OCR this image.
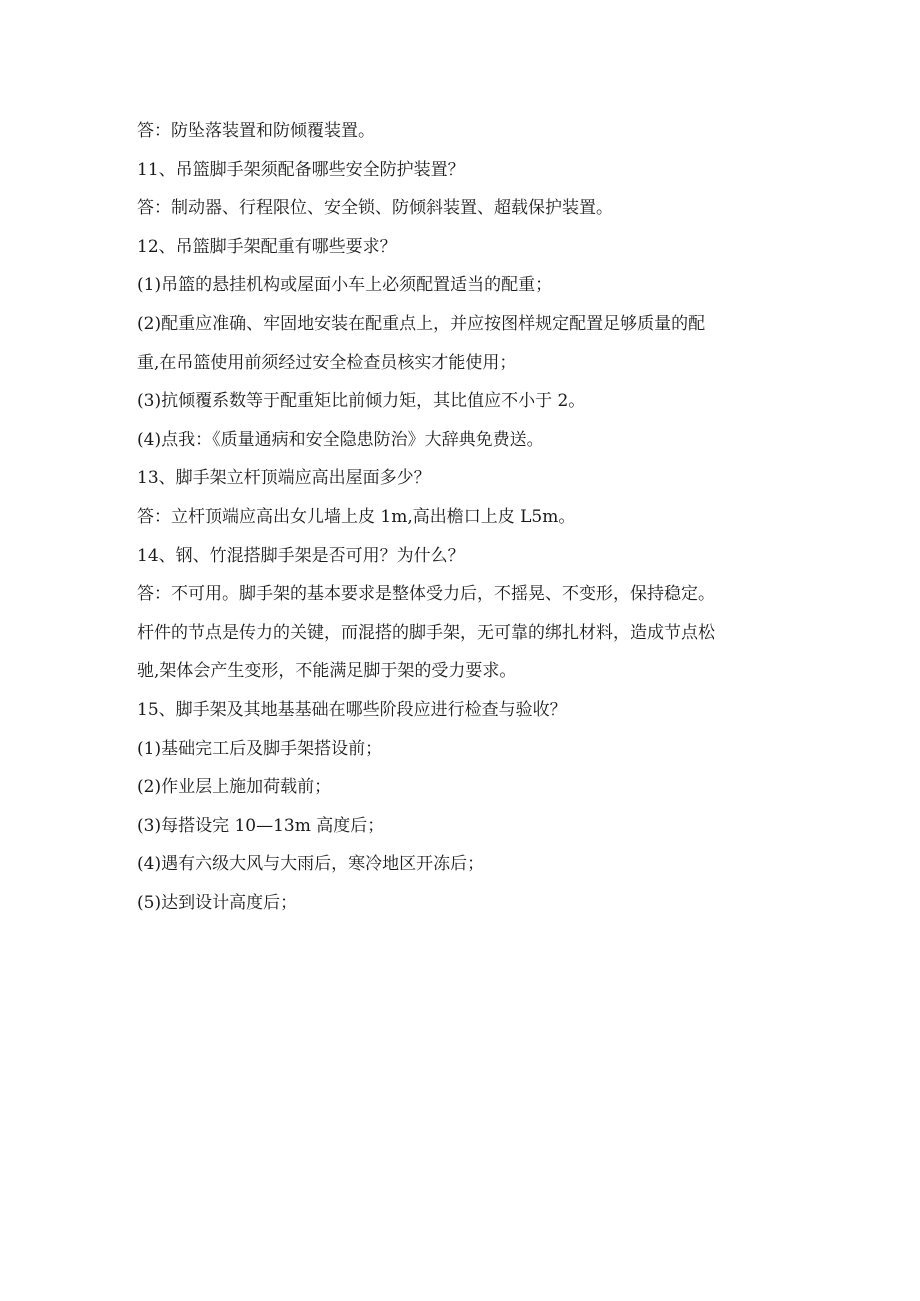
答：防坠落装置和防倾覆装置。
11、吊篮脚手架须配备哪些安全防护装置？
答：制动器、行程限位、安全锁、防倾斜装置、超载保护装置。
12、吊篮脚手架配重有哪些要求？
(1)吊篮的悬挂机构或屋面小车上必须配置适当的配重；
(2)配重应准确、牢固地安装在配重点上，并应按图样规定配置足够质量的配
重,在吊篮使用前须经过安全检查员核实才能使用；
(3)抗倾覆系数等于配重矩比前倾力矩，其比值应不小于 2。
(4)点我：《质量通病和安全隐患防治》大辞典免费送。
13、脚手架立杆顶端应高出屋面多少？
答：立杆顶端应高出女儿墙上皮 1m,高出檐口上皮 L5m。
14、钢、竹混搭脚手架是否可用？为什么？
答：不可用。脚手架的基本要求是整体受力后，不摇晃、不变形，保持稳定。
杆件的节点是传力的关键，而混搭的脚手架，无可靠的绑扎材料，造成节点松
驰,架体会产生变形，不能满足脚于架的受力要求。
15、脚手架及其地基基础在哪些阶段应进行检查与验收？
(1)基础完工后及脚手架搭设前；
(2)作业层上施加荷载前；
(3)每搭设完 10—13m 高度后；
(4)遇有六级大风与大雨后，寒冷地区开冻后；
(5)达到设计高度后；
